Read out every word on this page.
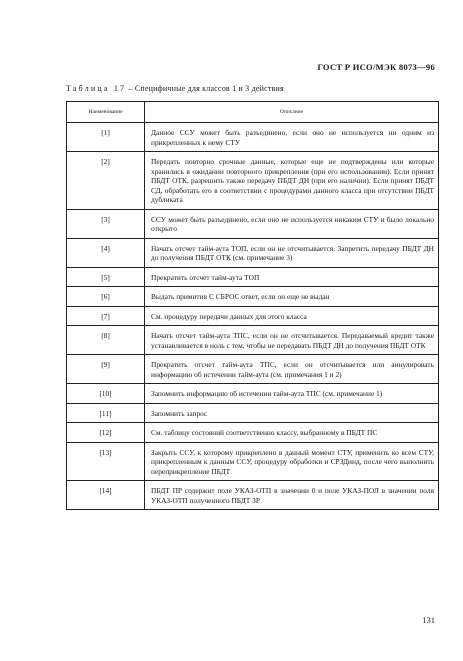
ГОСТ Р ИСО/МЭК 8073—96
Таблица 17 – Специфичные для классов 1 и 3 действия
Наименование	Описание
[1]	Данное ССУ может быть разъединено, если оно не используется ни одним из прикрепленных к нему СТУ
[2]	Передать повторно срочные данные, которые еще не подтверждены или которые хранились в ожидании повторного прикрепления (при его использовании). Если принят ПБДТ ОТК, разрешить также передачу ПБДТ ДН (при его наличии). Если принят ПБДТ СД, обработать его в соответствии с процедурами данного класса при отсутствии ПБДТ дубликата
[3]	ССУ может быть разъединено, если оно не используется никаким СТУ и было локально открыто
[4]	Начать отсчет тайм-аута ТОП, если он не отсчитывается. Запретить передачу ПБДТ ДН до получения ПБДТ ОТК (см. примечание 3)
[5]	Прекратить отсчет тайм-аута ТОП
[6]	Выдать примитив С СБРОС ответ, если он еще не выдан
[7]	См. процедуру передачи данных для этого класса
[8]	Начать отсчет тайм-аута ТПС, если он не отсчитывается. Передаваемый кредит также устанавливается в ноль с тем, чтобы не передавать ПБДТ ДН до получения ПБДТ ОТК
[9]	Прекратить отсчет тайм-аута ТПС, если он отсчитывается или аннулировать информацию об истечении тайм-аута (см. примечания 1 и 2)
[10]	Запомнить информацию об истечении тайм-аута ТПС (см. примечание 1)
[11]	Запомнить запрос
[12]	См. таблицу состояний соответственно классу, выбранному в ПБДТ ПС
[13]	Закрыть ССУ, к которому прикреплено в данный момент СТУ, применить ко всем СТУ, прикрепленным к данным ССУ, процедуру обработки и СРЗДинд, после чего выполнить переприкрепление ПБДТ
[14]	ПБДТ ПР содержит поле УКАЗ-ОТП в значении 0 и поле УКАЗ-ПОЛ в значении поля УКАЗ-ОТП полученного ПБДТ ЗР
131
